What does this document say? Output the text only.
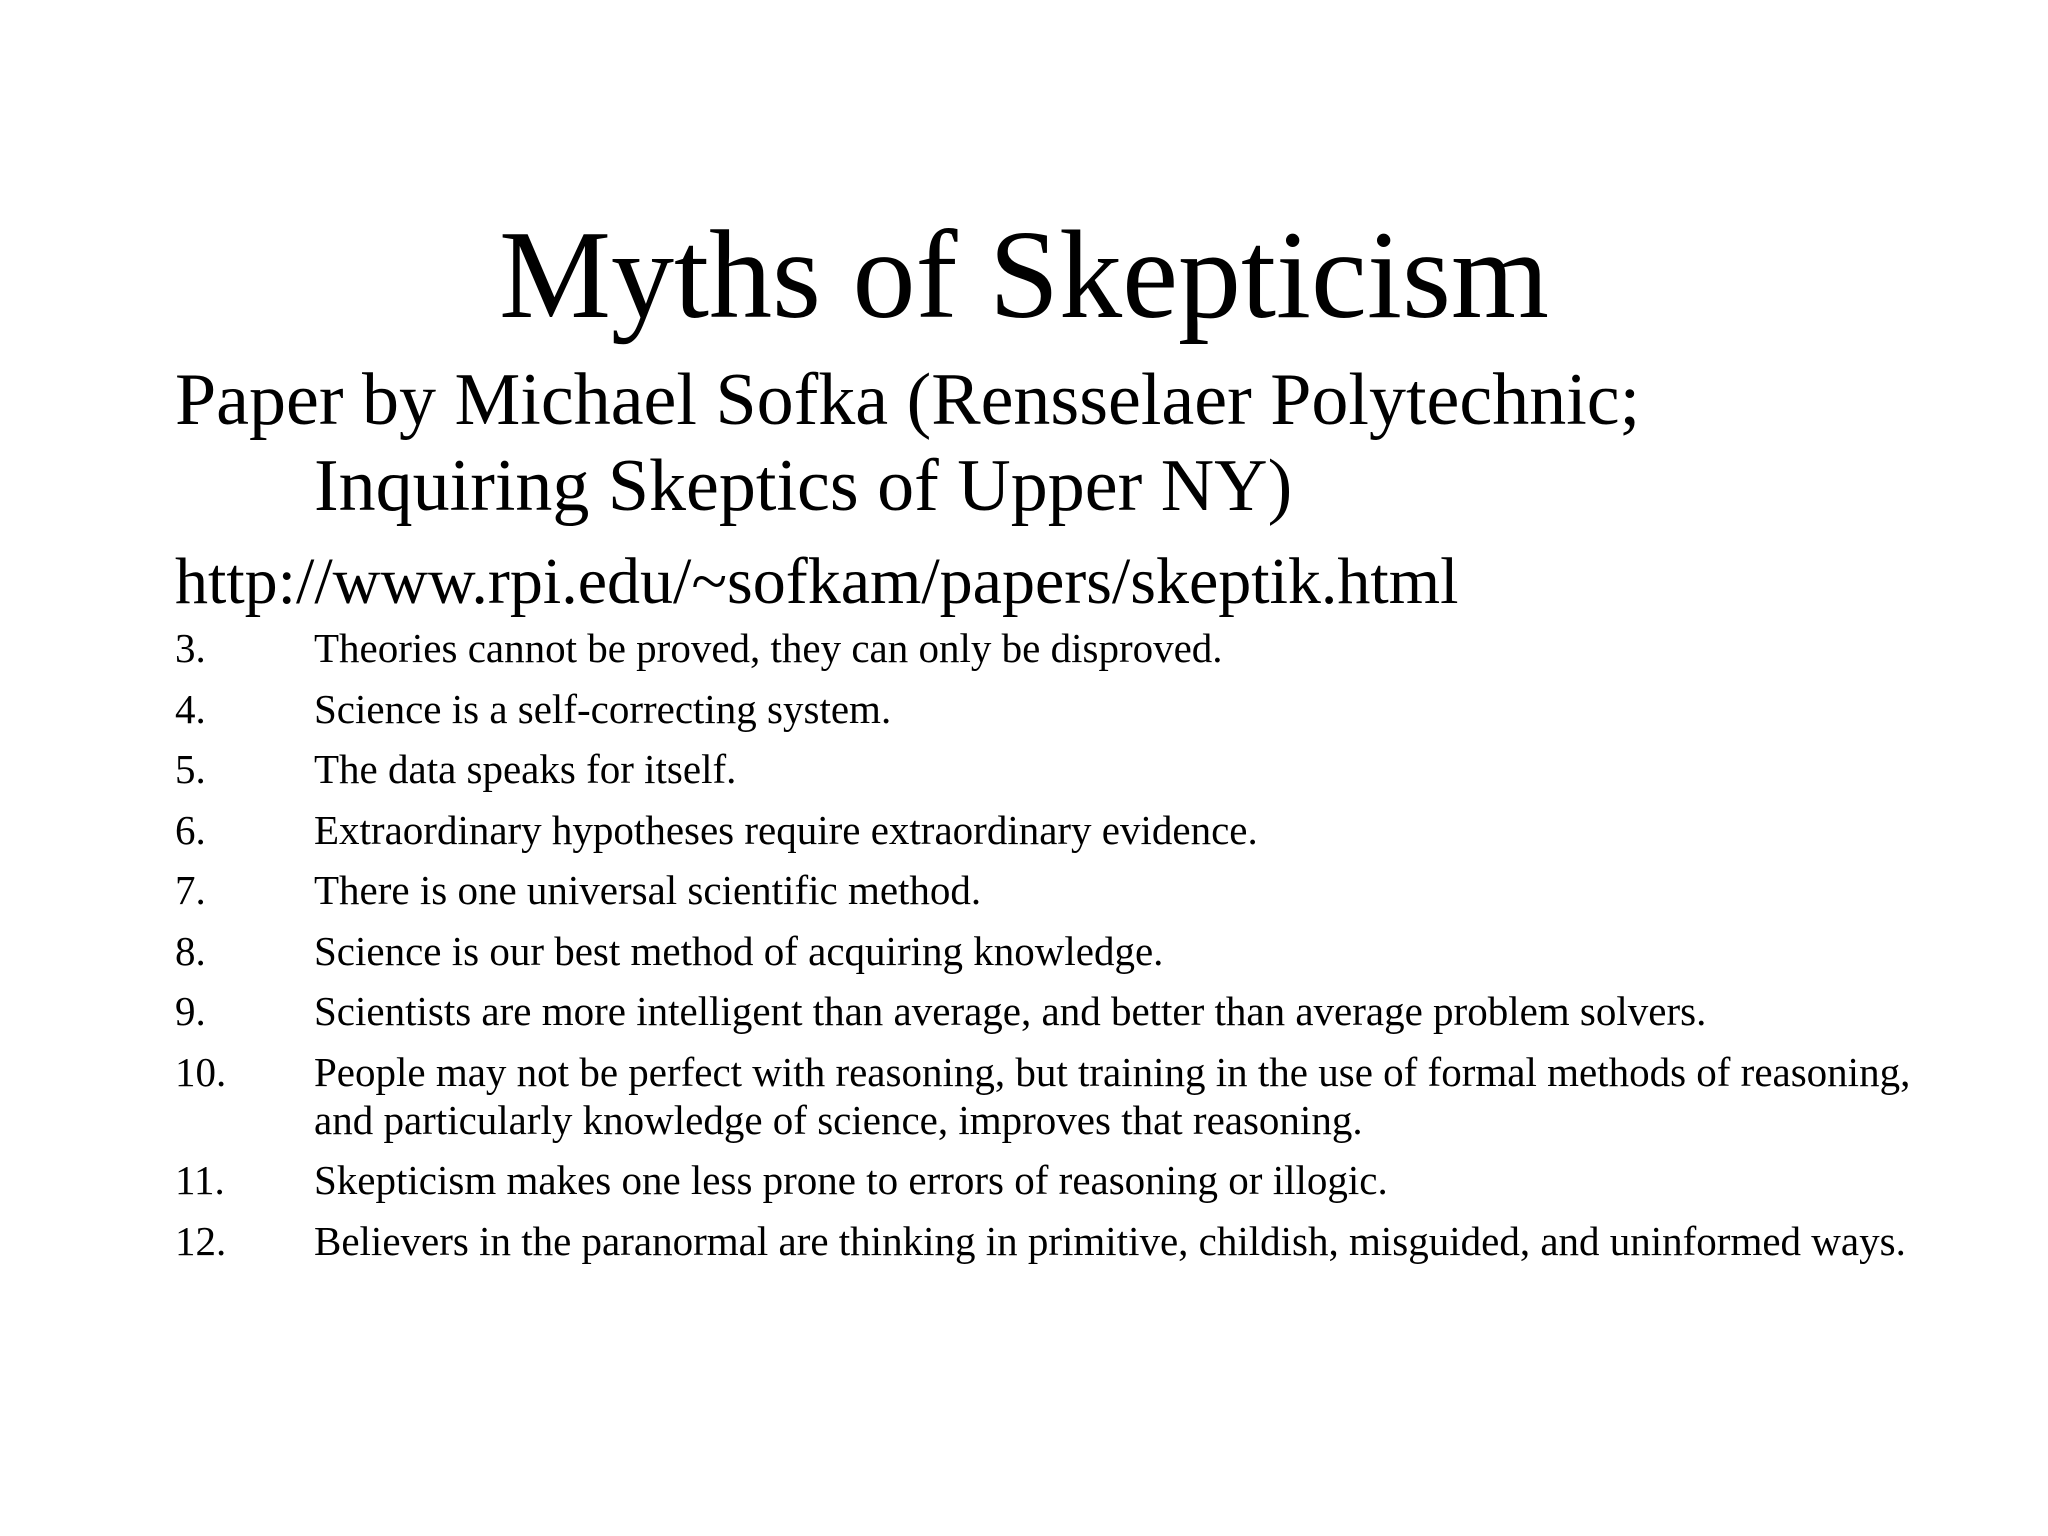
Myths of Skepticism
Paper by Michael Sofka (Rensselaer Polytechnic;
Inquiring Skeptics of Upper NY)
http://www.rpi.edu/~sofkam/papers/skeptik.html
3.	Theories cannot be proved, they can only be disproved.
4.	Science is a self-correcting system.
5.	The data speaks for itself.
6.	Extraordinary hypotheses require extraordinary evidence.
7.	There is one universal scientific method.
8.	Science is our best method of acquiring knowledge.
9.	Scientists are more intelligent than average, and better than average problem solvers.
10.	People may not be perfect with reasoning, but training in the use of formal methods of reasoning, and particularly knowledge of science, improves that reasoning.
11.	Skepticism makes one less prone to errors of reasoning or illogic.
12.	Believers in the paranormal are thinking in primitive, childish, misguided, and uninformed ways.
